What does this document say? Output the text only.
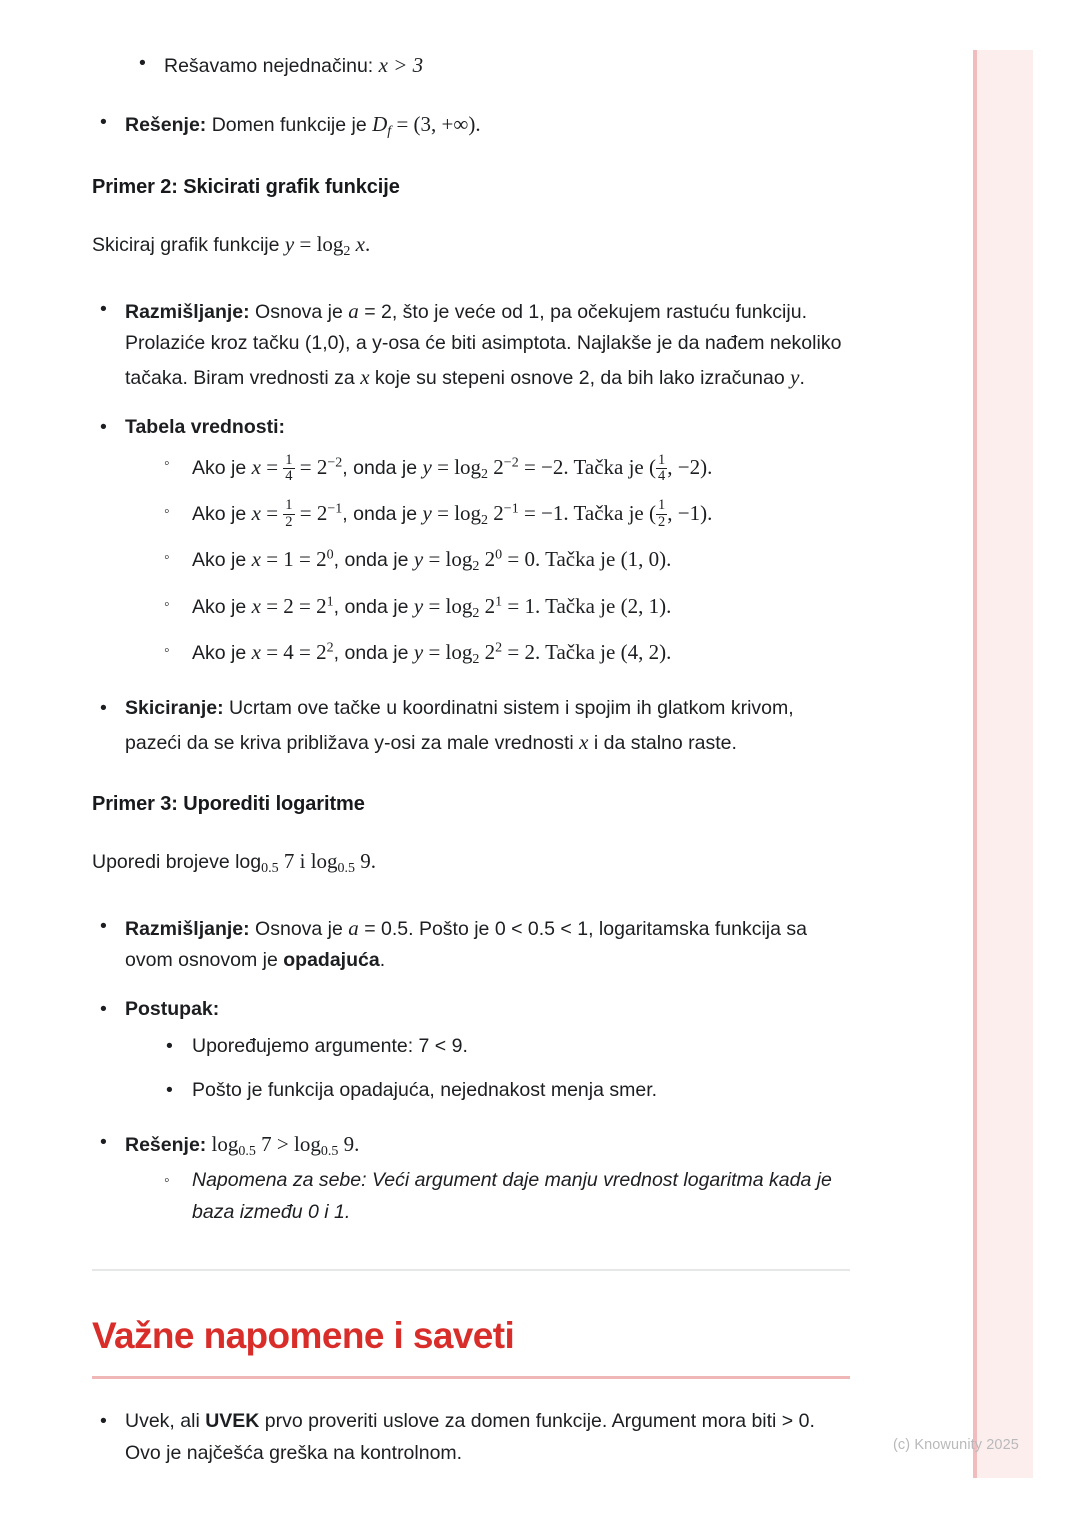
• Rešavamo nejednačinu: x > 3
• Rešenje: Domen funkcije je $D_f = (3$, +∞).
Primer 2: Skicirati grafik funkcije
Skiciraj grafik funkcije $y = \log_2 x$.
• Razmišljanje: Osnova je a = 2, što je veće od 1, pa očekujem rastuću funkciju. Prolaziće kroz tačku (1,0), a y-osa će biti asimptota. Najlakše je da nađem nekoliko tačaka. Biram vrednosti za x koje su stepeni osnove 2, da bih lako izračunao y.
• Tabela vrednosti:
◦ Ako je $x = \frac{1}{4} = 2^{-2}$, onda je $y = \log_2 2^{-2} = -2$. Tačka je ( $\frac{1}{4}$ , −2).
◦ Ako je $x = \frac{1}{2} = 2^{-1}$, onda je $y = \log_2 2^{-1} = -1$. Tačka je ( $\frac{1}{2}$ , −1).
◦ Ako je $x = 1 = 2^0$, onda je $y = \log_2 2^0 = 0$. Tačka je (1, 0).
◦ Ako je $x = 2 = 2^1$, onda je $y = \log_2 2^1 = 1$. Tačka je (2, 1).
◦ Ako je $x = 4 = 2^2$, onda je $y = \log_2 2^2 = 2$. Tačka je (4, 2).
• Skiciranje: Ucrtam ove tačke u koordinatni sistem i spojim ih glatkom krivom, pazeći da se kriva približava y-osi za male vrednosti x i da stalno raste.
Primer 3: Uporediti logaritme
Uporedi brojeve $\log_{0.5} 7$ i $\log_{0.5} 9$.
• Razmišljanje: Osnova je a = 0.5. Pošto je 0 < 0.5 < 1, logaritamska funkcija sa ovom osnovom je opadajuća.
• Postupak:
• Upoređujemo argumente: 7 < 9.
• Pošto je funkcija opadajuća, nejednakost menja smer.
• Rešenje: $\log_{0.5} 7 > \log_{0.5} 9$.
◦ Napomena za sebe: Veći argument daje manju vrednost logaritma kada je baza između 0 i 1.
Važne napomene i saveti
• Uvek, ali UVEK prvo proveriti uslove za domen funkcije. Argument mora biti > 0. Ovo je najčešća greška na kontrolnom.	(c) Knowunity 2025
